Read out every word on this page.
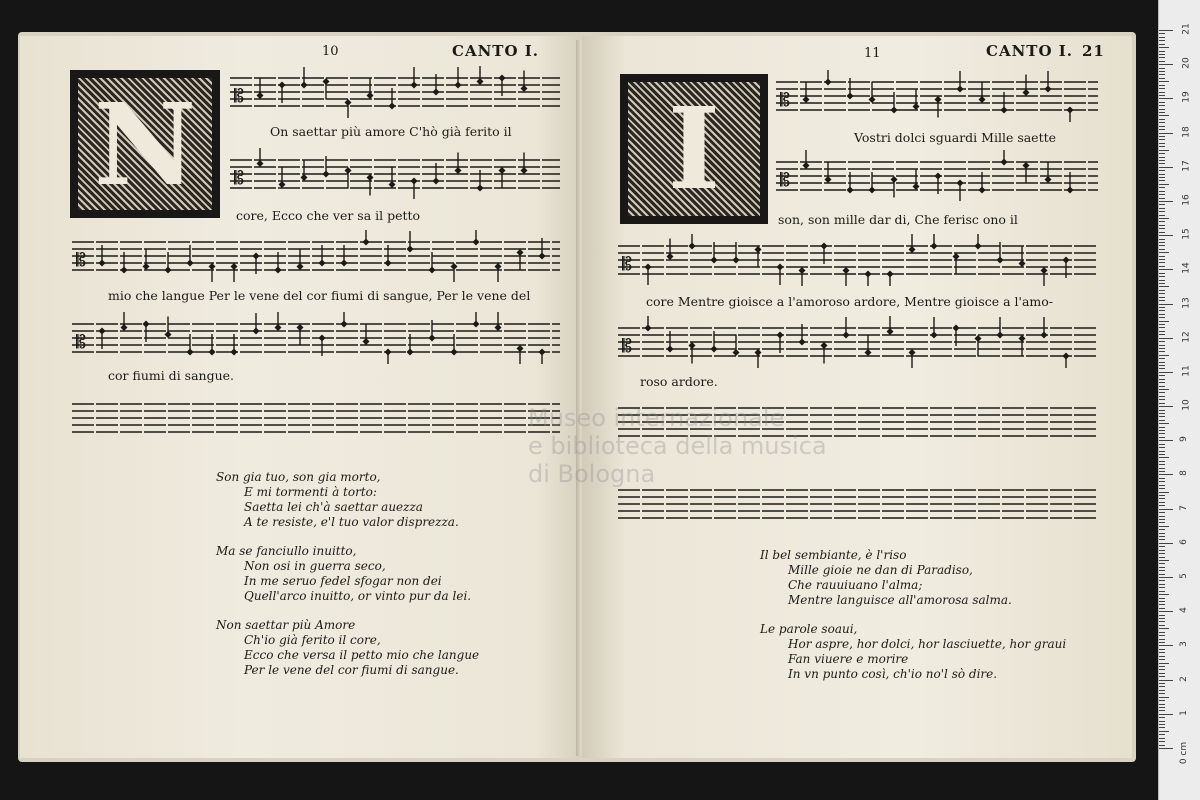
10	CANTO I.
N	𝄡
On saettar più amore C'hò già ferito il
𝄡
core, Ecco che ver sa il petto
𝄡
mio che langue Per le vene del cor fiumi di sangue, Per le vene del
𝄡
cor fiumi di sangue.
Son gia tuo, son gia morto,
E mi tormenti à torto:
Saetta lei ch'à saettar auezza
A te resiste, e'l tuo valor disprezza.
Ma se fanciullo inuitto,
Non osi in guerra seco,
In me seruo fedel sfogar non dei
Quell'arco inuitto, or vinto pur da lei.
Non saettar più Amore
Ch'io già ferito il core,
Ecco che versa il petto mio che langue
Per le vene del cor fiumi di sangue.
11	CANTO I. 21
I	𝄡
Vostri dolci sguardi Mille saette
𝄡
son, son mille dar di, Che ferisc ono il
𝄡
core Mentre gioisce a l'amoroso ardore, Mentre gioisce a l'amo-
𝄡
roso ardore.
Il bel sembiante, è l'riso
Mille gioie ne dan di Paradiso,
Che rauuiuano l'alma;
Mentre languisce all'amorosa salma.
Le parole soaui,
Hor aspre, hor dolci, hor lasciuette, hor graui
Fan viuere e morire
In vn punto così, ch'io no'l sò dire.
Museo internazionale
e biblioteca della musica
di Bologna
0 cm
1
2
3
4
5
6
7
8
9
10
11
12
13
14
15
16
17
18
19
20
21
